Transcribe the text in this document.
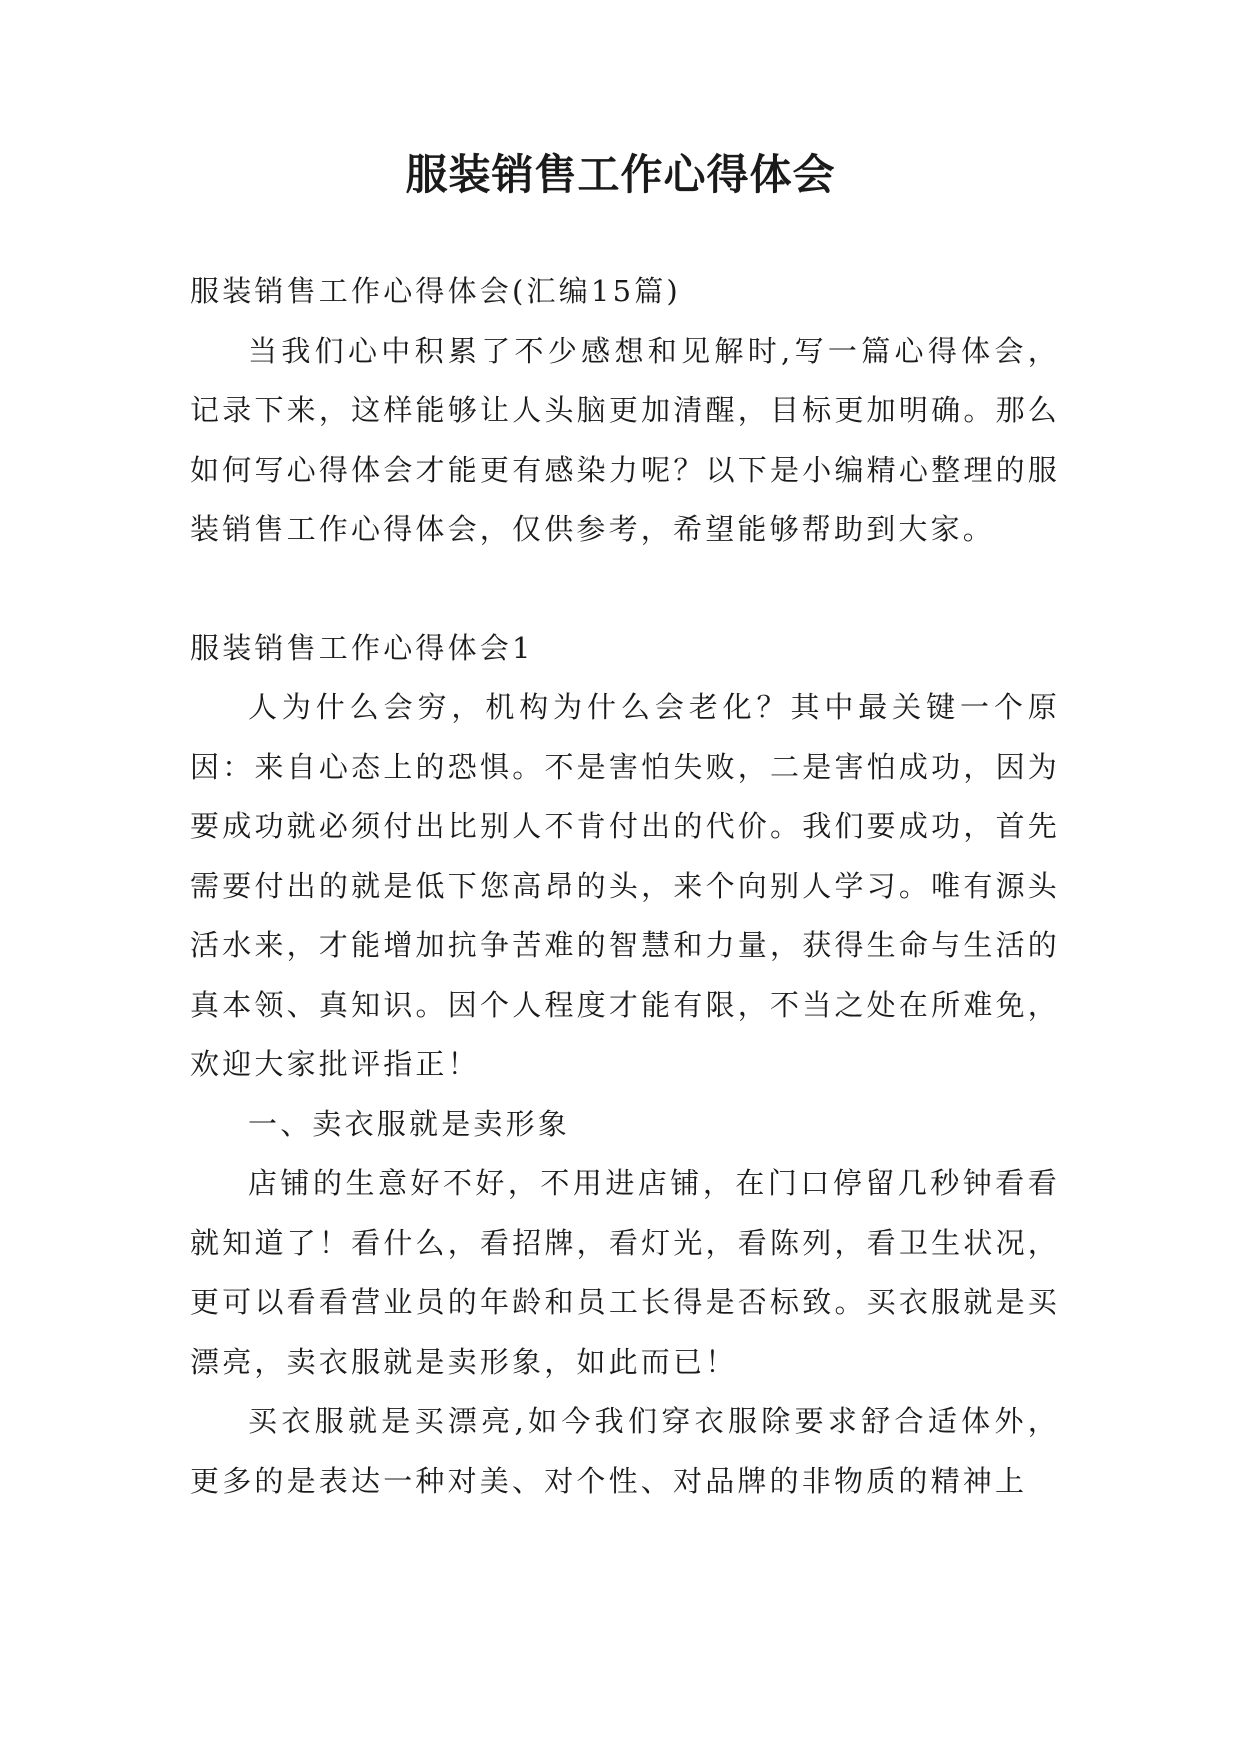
服装销售工作心得体会

服装销售工作心得体会(汇编15篇)

当我们心中积累了不少感想和见解时,写一篇心得体会，记录下来，这样能够让人头脑更加清醒，目标更加明确。那么如何写心得体会才能更有感染力呢？以下是小编精心整理的服装销售工作心得体会，仅供参考，希望能够帮助到大家。

服装销售工作心得体会1

人为什么会穷，机构为什么会老化？其中最关键一个原因：来自心态上的恐惧。不是害怕失败，二是害怕成功，因为要成功就必须付出比别人不肯付出的代价。我们要成功，首先需要付出的就是低下您高昂的头，来个向别人学习。唯有源头活水来，才能增加抗争苦难的智慧和力量，获得生命与生活的真本领、真知识。因个人程度才能有限，不当之处在所难免，欢迎大家批评指正！

一、卖衣服就是卖形象

店铺的生意好不好，不用进店铺，在门口停留几秒钟看看就知道了！看什么，看招牌，看灯光，看陈列，看卫生状况，更可以看看营业员的年龄和员工长得是否标致。买衣服就是买漂亮，卖衣服就是卖形象，如此而已！

买衣服就是买漂亮,如今我们穿衣服除要求舒合适体外，更多的是表达一种对美、对个性、对品牌的非物质的精神上
